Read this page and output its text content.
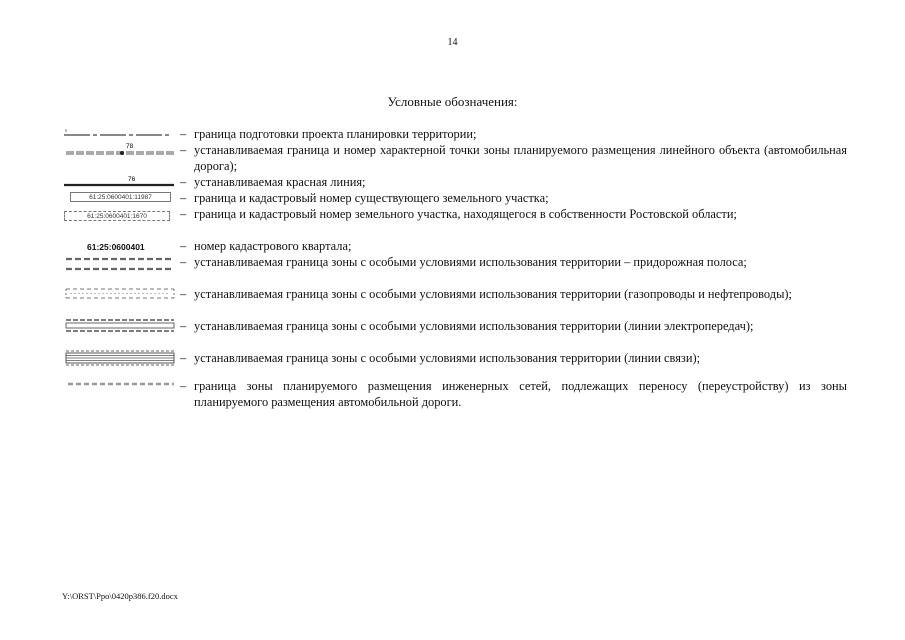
14
Условные обозначения:
– граница подготовки проекта планировки территории;
78	– устанавливаемая граница и номер характерной точки зоны планируемого размещения линейного объекта (автомобильная дорога);
76	– устанавливаемая красная линия;
61:25:0600401:11987	– граница и кадастровый номер существующего земельного участка;
61:25:0600401:1670	– граница и кадастровый номер земельного участка, находящегося в собственности Ростовской области;
61:25:0600401	– номер кадастрового квартала;
– устанавливаемая граница зоны с особыми условиями использования территории – придорожная полоса;
– устанавливаемая граница зоны с особыми условиями использования территории (газопроводы и нефтепроводы);
– устанавливаемая граница зоны с особыми условиями использования территории (линии электропередач);
– устанавливаемая граница зоны с особыми условиями использования территории (линии связи);
– граница зоны планируемого размещения инженерных сетей, подлежащих переносу (переустройству) из зоны планируемого размещения автомобильной дороги.
Y:\ORST\Ppo\0420p386.f20.docx
